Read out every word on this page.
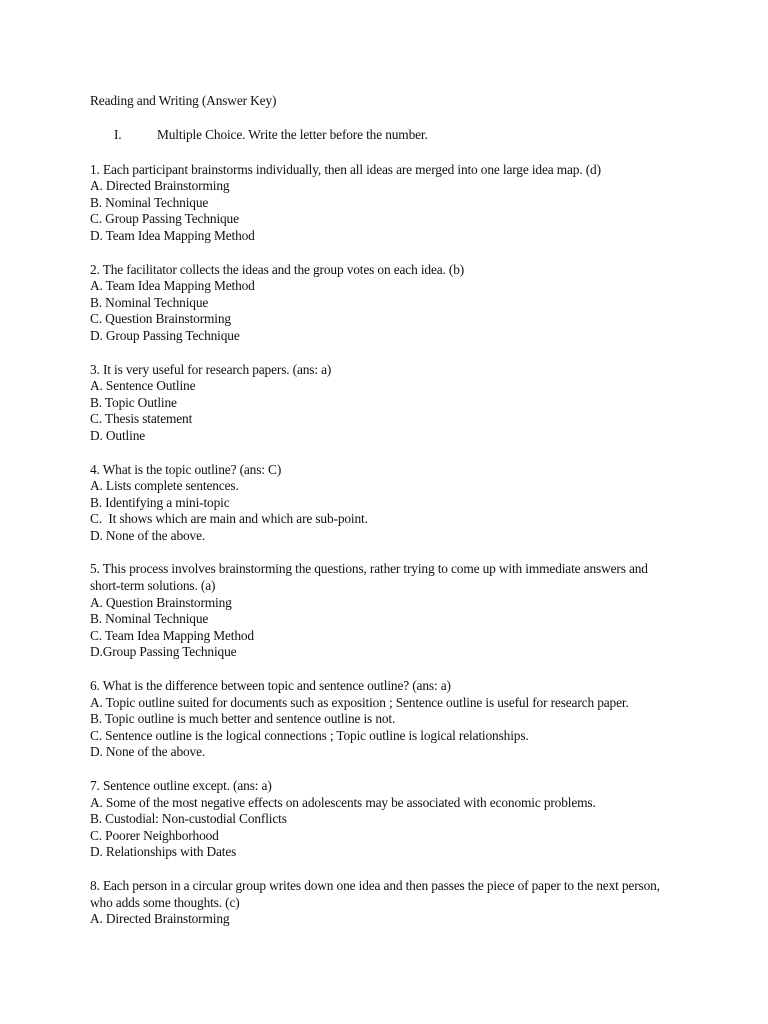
Reading and Writing (Answer Key)
I.	Multiple Choice. Write the letter before the number.
1. Each participant brainstorms individually, then all ideas are merged into one large idea map. (d)
A. Directed Brainstorming
B. Nominal Technique
C. Group Passing Technique
D. Team Idea Mapping Method
2. The facilitator collects the ideas and the group votes on each idea. (b)
A. Team Idea Mapping Method
B. Nominal Technique
C. Question Brainstorming
D. Group Passing Technique
3. It is very useful for research papers. (ans: a)
A. Sentence Outline
B. Topic Outline
C. Thesis statement
D. Outline
4. What is the topic outline? (ans: C)
A. Lists complete sentences.
B. Identifying a mini-topic
C.  It shows which are main and which are sub-point.
D. None of the above.
5. This process involves brainstorming the questions, rather trying to come up with immediate answers and short-term solutions. (a)
A. Question Brainstorming
B. Nominal Technique
C. Team Idea Mapping Method
D.Group Passing Technique
6. What is the difference between topic and sentence outline? (ans: a)
A. Topic outline suited for documents such as exposition ; Sentence outline is useful for research paper.
B. Topic outline is much better and sentence outline is not.
C. Sentence outline is the logical connections ; Topic outline is logical relationships.
D. None of the above.
7. Sentence outline except. (ans: a)
A. Some of the most negative effects on adolescents may be associated with economic problems.
B. Custodial: Non-custodial Conflicts
C. Poorer Neighborhood
D. Relationships with Dates
8. Each person in a circular group writes down one idea and then passes the piece of paper to the next person, who adds some thoughts. (c)
A. Directed Brainstorming
